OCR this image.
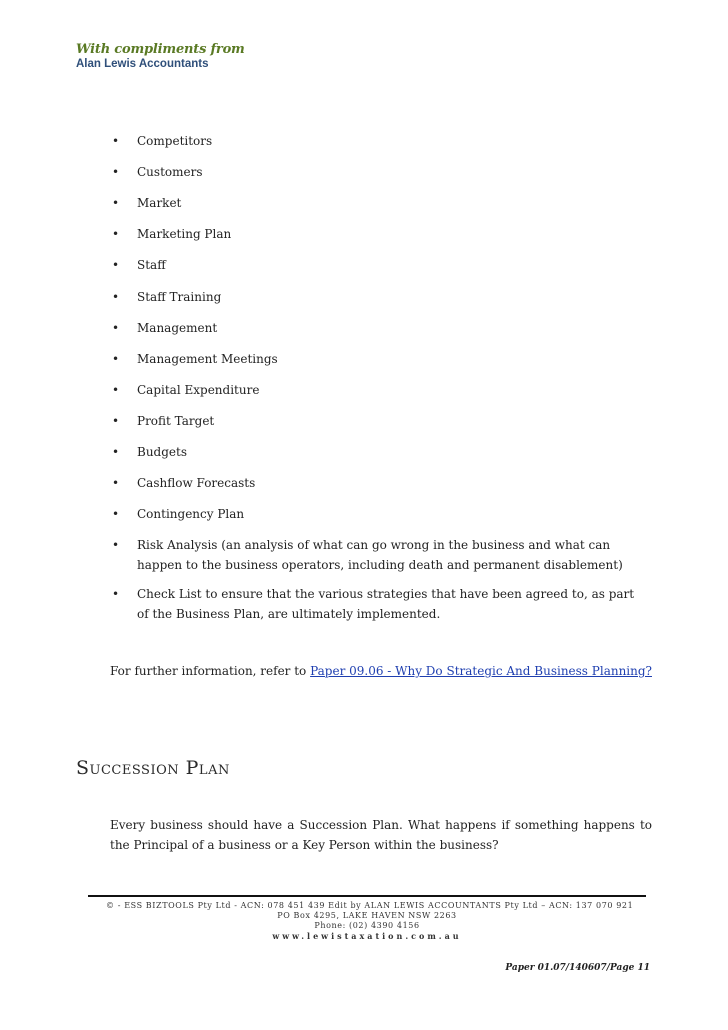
With compliments from
Alan Lewis Accountants
• Competitors
• Customers
• Market
• Marketing Plan
• Staff
• Staff Training
• Management
• Management Meetings
• Capital Expenditure
• Profit Target
• Budgets
• Cashflow Forecasts
• Contingency Plan
• Risk Analysis (an analysis of what can go wrong in the business and what can happen to the business operators, including death and permanent disablement)
• Check List to ensure that the various strategies that have been agreed to, as part of the Business Plan, are ultimately implemented.
For further information, refer to Paper 09.06 - Why Do Strategic And Business Planning?
Succession Plan
Every business should have a Succession Plan. What happens if something happens to the Principal of a business or a Key Person within the business?
© - ESS BIZTOOLS Pty Ltd - ACN: 078 451 439 Edit by ALAN LEWIS ACCOUNTANTS Pty Ltd – ACN: 137 070 921
PO Box 4295, LAKE HAVEN NSW 2263
Phone: (02) 4390 4156
www.lewistaxation.com.au
Paper 01.07/140607/Page 11
